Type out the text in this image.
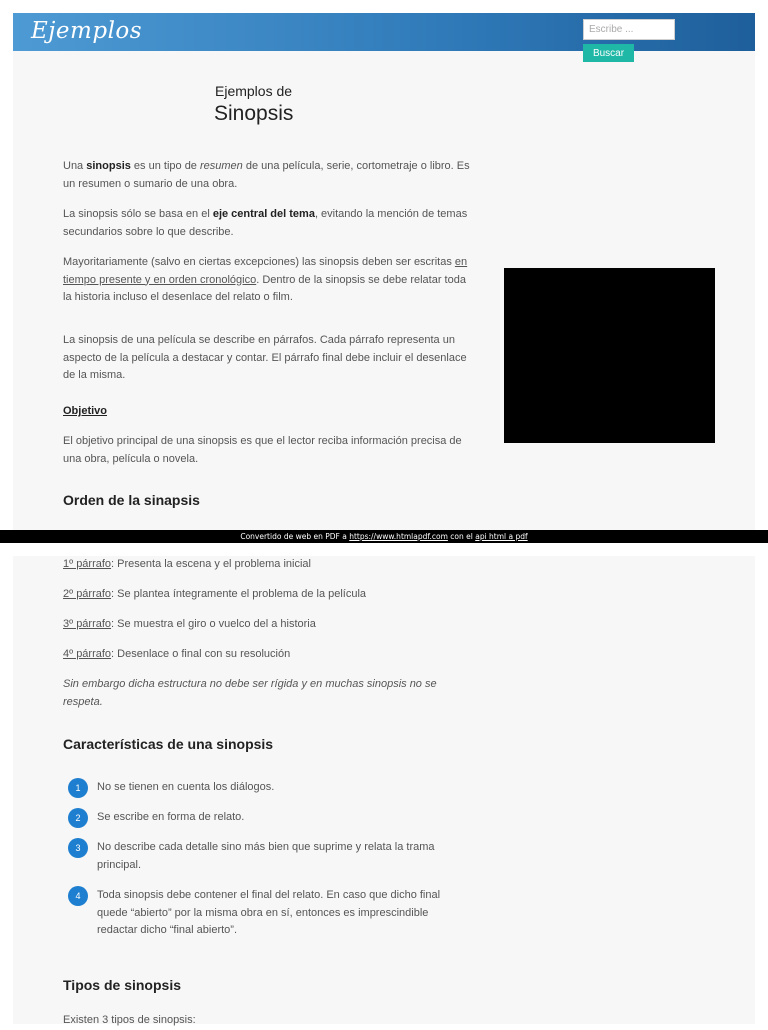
Ejemplos
Escribe ...
Buscar
Ejemplos de
Sinopsis

Una sinopsis es un tipo de resumen de una película, serie, cortometraje o libro. Es un resumen o sumario de una obra.

La sinopsis sólo se basa en el eje central del tema, evitando la mención de temas secundarios sobre lo que describe.

Mayoritariamente (salvo en ciertas excepciones) las sinopsis deben ser escritas en tiempo presente y en orden cronológico. Dentro de la sinopsis se debe relatar toda la historia incluso el desenlace del relato o film.

La sinopsis de una película se describe en párrafos. Cada párrafo representa un aspecto de la película a destacar y contar. El párrafo final debe incluir el desenlace de la misma.

Objetivo

El objetivo principal de una sinopsis es que el lector reciba información precisa de una obra, película o novela.

Orden de la sinapsis
Convertido de web en PDF a https://www.htmlapdf.com con el api html a pdf

1º párrafo: Presenta la escena y el problema inicial

2º párrafo: Se plantea íntegramente el problema de la película

3º párrafo: Se muestra el giro o vuelco del a historia

4º párrafo: Desenlace o final con su resolución

Sin embargo dicha estructura no debe ser rígida y en muchas sinopsis no se respeta.

Características de una sinopsis
1	No se tienen en cuenta los diálogos.
2	Se escribe en forma de relato.
3	No describe cada detalle sino más bien que suprime y relata la trama principal.
4	Toda sinopsis debe contener el final del relato. En caso que dicho final quede “abierto” por la misma obra en sí, entonces es imprescindible redactar dicho “final abierto”.
Tipos de sinopsis

Existen 3 tipos de sinopsis:
